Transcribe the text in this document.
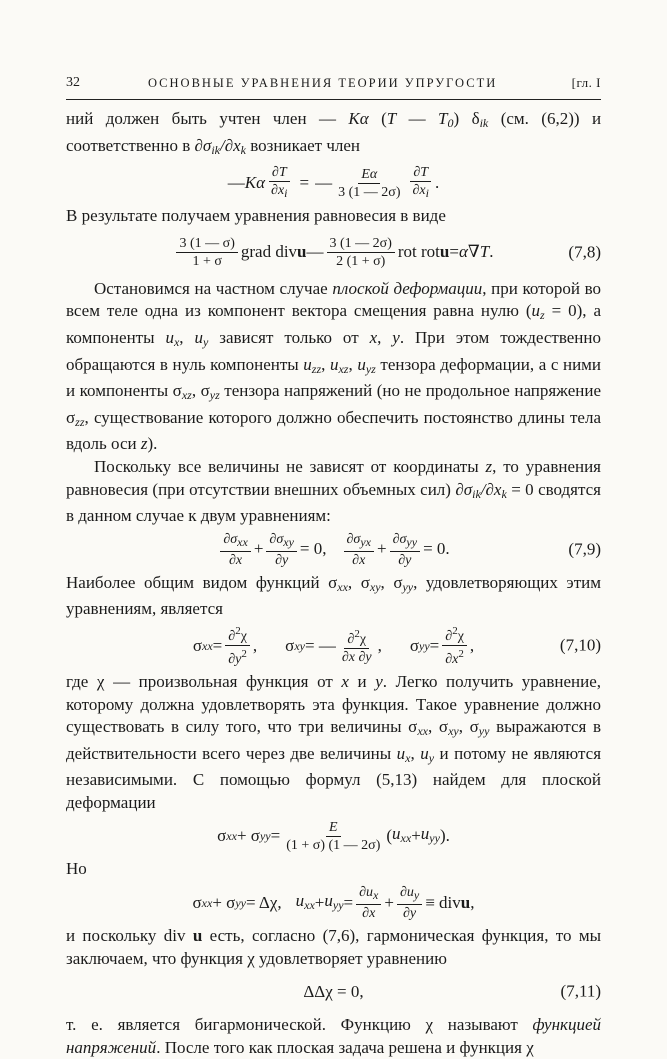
32	ОСНОВНЫЕ УРАВНЕНИЯ ТЕОРИИ УПРУГОСТИ	[гл. I

ний должен быть учтен член — Kα (T — T0) δik (см. (6,2)) и соответственно в ∂σik/∂xk возникает член

— Kα $\frac{\partial T}{\partial xi}$ = — $\frac{E\alpha}{3 (1 — 2\sigma)} \frac{\partial T}{\partial xi}$ .

В результате получаем уравнения равновесия в виде

$\frac{3 (1 — \sigma)}{1 + \sigma}$ grad div u — $\frac{3 (1 — 2\sigma)}{2 (1 + \sigma)}$ rot rot u = α ∇ T .	(7,8)

Остановимся на частном случае плоской деформации, при которой во всем теле одна из компонент вектора смещения равна нулю (uz = 0), а компоненты ux, uy зависят только от x, y. При этом тождественно обращаются в нуль компоненты uzz, uxz, uyz тензора деформации, а с ними и компоненты σxz, σyz тензора напряжений (но не продольное напряжение σzz, существование которого должно обеспечить постоянство длины тела вдоль оси z).

Поскольку все величины не зависят от координаты z, то уравнения равновесия (при отсутствии внешних объемных сил) ∂σik/∂xk = 0 сводятся в данном случае к двум уравнениям:

$\frac{\text{∂σxx}}{\partial x} + \frac{\text{∂σxy}}{\partial y} = 0$, $\frac{\text{∂σyx}}{\partial x} + \frac{\text{∂σyy}}{\partial y} = 0$.	(7,9)

Наиболее общим видом функций σxx, σxy, σyy, удовлетворяющих этим уравнениям, является

σ xx = $\frac{\partial^2\chi}{\partial y^2}$ ,
σ xy = — $\frac{\partial^2\chi}{\partial x \partial y}$ ,
σ yy = $\frac{\partial^2\chi}{\partial x^2}$ ,	(7,10)

где χ — произвольная функция от x и y. Легко получить уравнение, которому должна удовлетворять эта функция. Такое уравнение должно существовать в силу того, что три величины σxx, σxy, σyy выражаются в действительности всего через две величины ux, uy и потому не являются независимыми. С помощью формул (5,13) найдем для плоской деформации

σ xx + σ yy = $\frac{E}{(1 + \sigma) (1 — 2\sigma)}$ ( uxx + uyy ).

Но

σ xx + σ yy = Δχ, uxx + uyy = $\frac{\partial ux}{\partial x} + \frac{\partial uy}{\partial y}$ ≡ div u ,

и поскольку div u есть, согласно (7,6), гармоническая функция, то мы заключаем, что функция χ удовлетворяет уравнению

ΔΔχ = 0,	(7,11)

т. е. является бигармонической. Функцию χ называют функцией напряжений. После того как плоская задача решена и функция χ
